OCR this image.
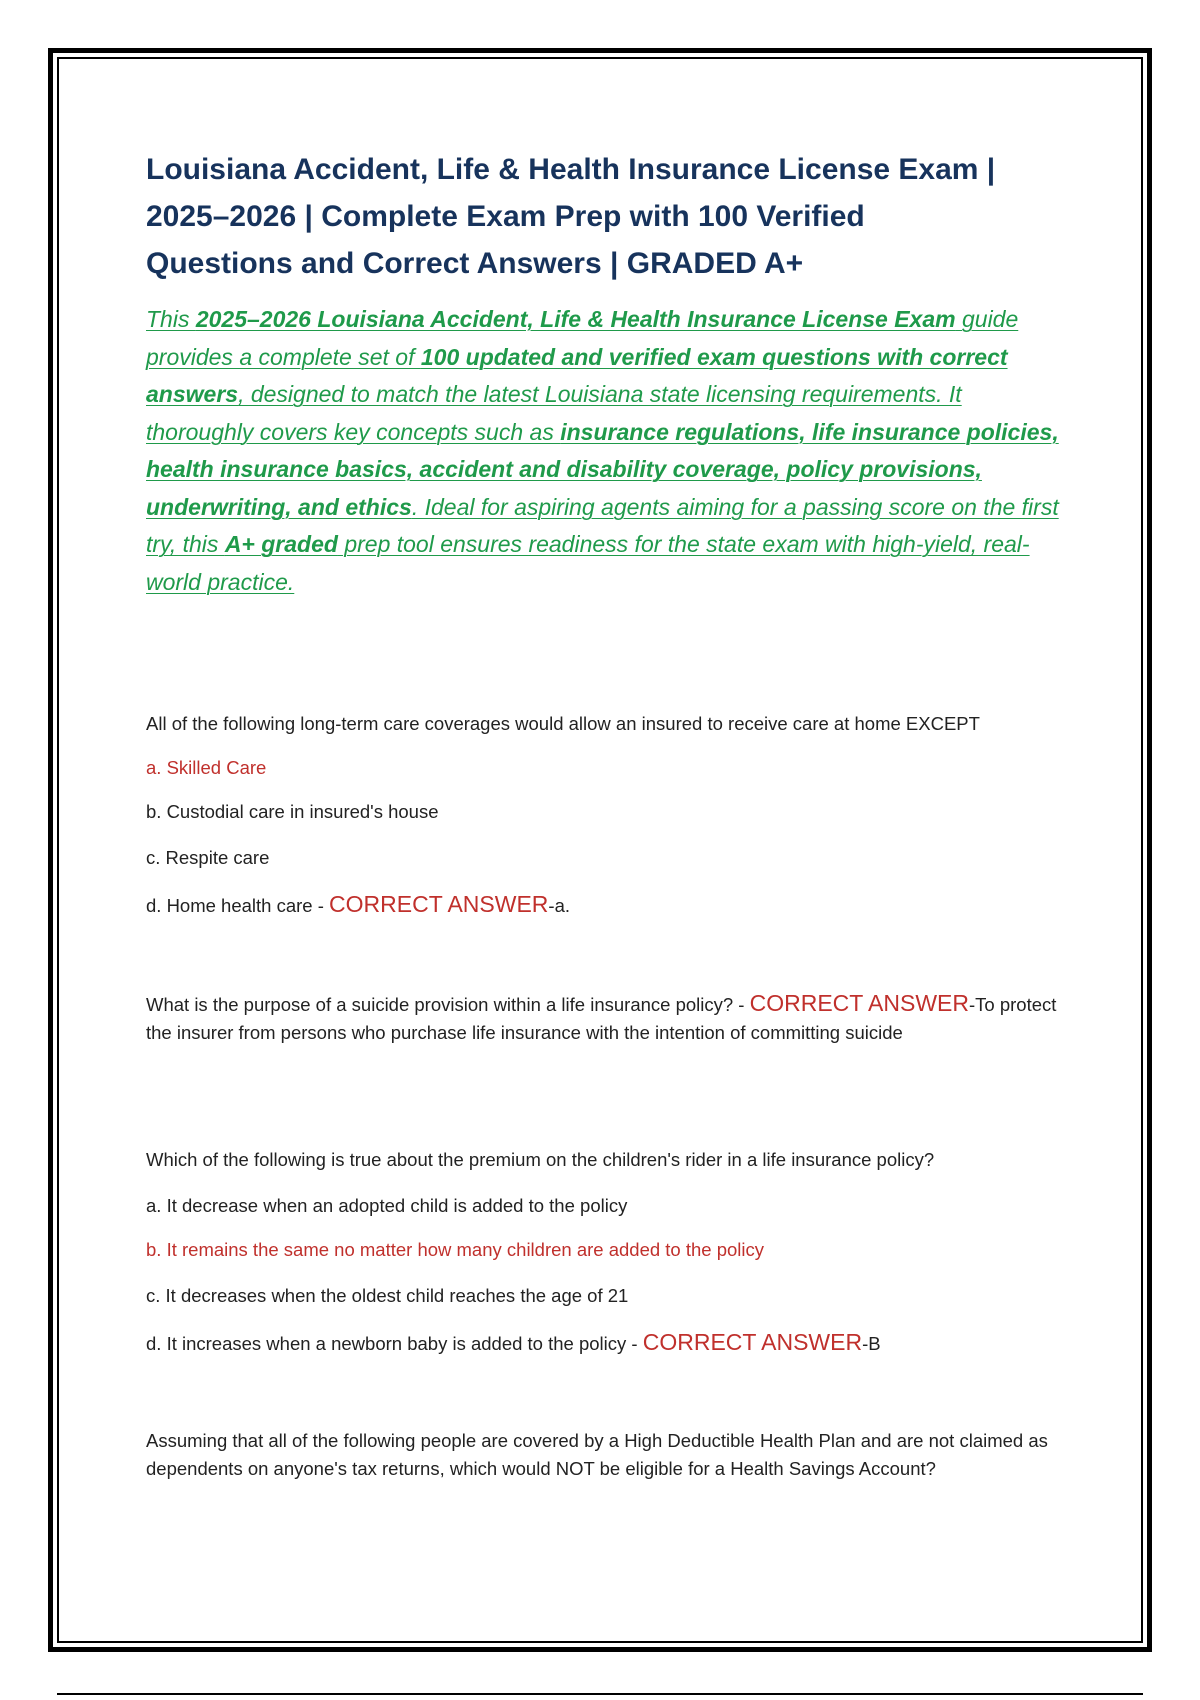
Louisiana Accident, Life & Health Insurance License Exam |
2025–2026 | Complete Exam Prep with 100 Verified
Questions and Correct Answers | GRADED A+

This 2025–2026 Louisiana Accident, Life & Health Insurance License Exam guide provides a complete set of 100 updated and verified exam questions with correct answers, designed to match the latest Louisiana state licensing requirements. It thoroughly covers key concepts such as insurance regulations, life insurance policies, health insurance basics, accident and disability coverage, policy provisions, underwriting, and ethics. Ideal for aspiring agents aiming for a passing score on the first try, this A+ graded prep tool ensures readiness for the state exam with high-yield, real-world practice.

All of the following long-term care coverages would allow an insured to receive care at home EXCEPT

a. Skilled Care

b. Custodial care in insured's house

c. Respite care

d. Home health care - CORRECT ANSWER-a.

What is the purpose of a suicide provision within a life insurance policy? - CORRECT ANSWER-To protect the insurer from persons who purchase life insurance with the intention of committing suicide

Which of the following is true about the premium on the children's rider in a life insurance policy?

a. It decrease when an adopted child is added to the policy

b. It remains the same no matter how many children are added to the policy

c. It decreases when the oldest child reaches the age of 21

d. It increases when a newborn baby is added to the policy - CORRECT ANSWER-B

Assuming that all of the following people are covered by a High Deductible Health Plan and are not claimed as dependents on anyone's tax returns, which would NOT be eligible for a Health Savings Account?
